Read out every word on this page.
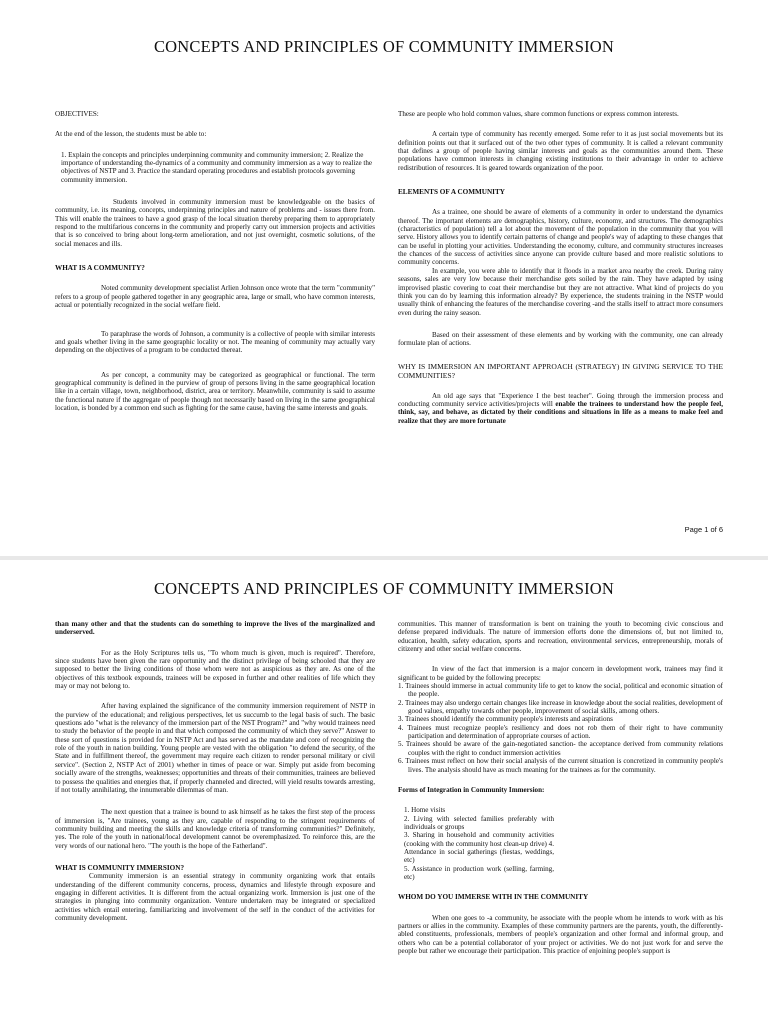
CONCEPTS AND PRINCIPLES OF COMMUNITY IMMERSION

OBJECTIVES:

At the end of the lesson, the students must be able to:

1. Explain the concepts and principles underpinning community and community immersion; 2. Realize the importance of understanding the-dynamics of a community and community immersion as a way to realize the objectives of NSTP and 3. Practice the standard operating procedures and establish protocols governing community immersion.

Students involved in community immersion must be knowledgeable on the basics of community, i.e. its meaning, concepts, underpinning principles and nature of problems and - issues there from. This will enable the trainees to have a good grasp of the local situation thereby preparing them to appropriately respond to the multifarious concerns in the community and properly carry out immersion projects and activities that is so conceived to bring about long-term amelioration, and not just overnight, cosmetic solutions, of the social menaces and ills.

WHAT IS A COMMUNITY?

Noted community development specialist Arlien Johnson once wrote that the term "community" refers to a group of people gathered together in any geographic area, large or small, who have common interests, actual or potentially recognized in the social welfare field.

To paraphrase the words of Johnson, a community is a collective of people with similar interests and goals whether living in the same geographic locality or not. The meaning of community may actually vary depending on the objectives of a program to be conducted thereat.

As per concept, a community may be categorized as geographical or functional. The term geographical community is defined in the purview of group of persons living in the same geographical location like in a certain village, town, neighborhood, district, area or territory. Meanwhile, community is said to assume the functional nature if the aggregate of people though not necessarily based on living in the same geographical location, is bonded by a common end such as fighting for the same cause, having the same interests and goals.

These are people who hold common values, share common functions or express common interests.

A certain type of community has recently emerged. Some refer to it as just social movements but its definition points out that it surfaced out of the two other types of community. It is called a relevant community that defines a group of people having similar interests and goals as the communities around them. These populations have common interests in changing existing institutions to their advantage in order to achieve redistribution of resources. It is geared towards organization of the poor.

ELEMENTS OF A COMMUNITY

As a trainee, one should be aware of elements of a community in order to understand the dynamics thereof. The important elements are demographics, history, culture, economy, and structures. The demographics (characteristics of population) tell a lot about the movement of the population in the community that you will serve. History allows you to identify certain patterns of change and people's way of adapting to these changes that can be useful in plotting your activities. Understanding the economy, culture, and community structures increases the chances of the success of activities since anyone can provide culture based and more realistic solutions to community concerns.

In example, you were able to identify that it floods in a market area nearby the creek. During rainy seasons, sales are very low because their merchandise gets soiled by the rain. They have adapted by using improvised plastic covering to coat their merchandise but they are not attractive. What kind of projects do you think you can do by learning this information already? By experience, the students training in the NSTP would usually think of enhancing the features of the merchandise covering -and the stalls itself to attract more consumers even during the rainy season.

Based on their assessment of these elements and by working with the community, one can already formulate plan of actions.

WHY IS IMMERSION AN IMPORTANT APPROACH (STRATEGY) IN GIVING SERVICE TO THE COMMUNITIES?

An old age says that "Experience I the best teacher". Going through the immersion process and conducting community service activities/projects will enable the trainees to understand how the people feel, think, say, and behave, as dictated by their conditions and situations in life as a means to make feel and realize that they are more fortunate

Page 1 of 6
CONCEPTS AND PRINCIPLES OF COMMUNITY IMMERSION

than many other and that the students can do something to improve the lives of the marginalized and underserved.

For as the Holy Scriptures tells us, "To whom much is given, much is required". Therefore, since students have been given the rare opportunity and the distinct privilege of being schooled that they are supposed to better the living conditions of those whom were not as auspicious as they are. As one of the objectives of this textbook expounds, trainees will be exposed in further and other realities of life which they may or may not belong to.

After having explained the significance of the community immersion requirement of NSTP in the purview of the educational; and religious perspectives, let us succumb to the legal basis of such. The basic questions ado "what is the relevancy of the immersion part of the NST Program?" and "why would trainees need to study the behavior of the people in and that which composed the community of which they serve?" Answer to these sort of questions is provided for in NSTP Act and has served as the mandate and core of recognizing the role of the youth in nation building. Young people are vested with the obligation "to defend the security, of the State and in fulfillment thereof, the government may require each citizen to render personal military or civil service". (Section 2, NSTP Act of 2001) whether in times of peace or war. Simply put aside from becoming socially aware of the strengths, weaknesses; opportunities and threats of their communities, trainees are believed to possess the qualities and energies that, if properly channeled and directed, will yield results towards arresting, if not totally annihilating, the innumerable dilemmas of man.

The next question that a trainee is bound to ask himself as he takes the first step of the process of immersion is, "Are trainees, young as they are, capable of responding to the stringent requirements of community building and meeting the skills and knowledge criteria of transforming communities?" Definitely, yes. The role of the youth in national/local development cannot be overemphasized. To reinforce this, are the very words of our national hero. "The youth is the hope of the Fatherland".

WHAT IS COMMUNITY IMMERSION?

Community immersion is an essential strategy in community organizing work that entails understanding of the different community concerns, process, dynamics and lifestyle through exposure and engaging in different activities. It is different from the actual organizing work. Immersion is just one of the strategies in plunging into community organization. Venture undertaken may be integrated or specialized activities which entail entering, familiarizing and involvement of the self in the conduct of the activities for community development.

communities. This manner of transformation is bent on training the youth to becoming civic conscious and defense prepared individuals. The nature of immersion efforts done the dimensions of, but not limited to, education, health, safety education, sports and recreation, environmental services, entrepreneurship, morals of citizenry and other social welfare concerns.

In view of the fact that immersion is a major concern in development work, trainees may find it significant to be guided by the following precepts:

1. Trainees should immerse in actual community life to get to know the social, political and economic situation of the people.
2. Trainees may also undergo certain changes like increase in knowledge about the social realities, development of good values, empathy towards other people, improvement of social skills, among others.
3. Trainees should identify the community people's interests and aspirations
4. Trainees must recognize people's resiliency and does not rob them of their right to have community participation and determination of appropriate courses of action.
5. Trainees should be aware of the gain-negotiated sanction- the acceptance derived from community relations couples with the right to conduct immersion activities
6. Trainees must reflect on how their social analysis of the current situation is concretized in community people's lives. The analysis should have as much meaning for the trainees as for the community.

Forms of Integration in Community Immersion:

1. Home visits
2. Living with selected families preferably with individuals or groups
3. Sharing in household and community activities (cooking with the community host clean-up drive) 4. Attendance in social gatherings (fiestas, weddings, etc)
5. Assistance in production work (selling, farming, etc)

WHOM DO YOU IMMERSE WITH IN THE COMMUNITY

When one goes to -a community, he associate with the people whom he intends to work with as his partners or allies in the community. Examples of these community partners are the parents, youth, the differently-abled constituents, professionals, members of people's organization and other formal and informal group, and others who can be a potential collaborator of your project or activities. We do not just work for and serve the people but rather we encourage their participation. This practice of enjoining people's support is
